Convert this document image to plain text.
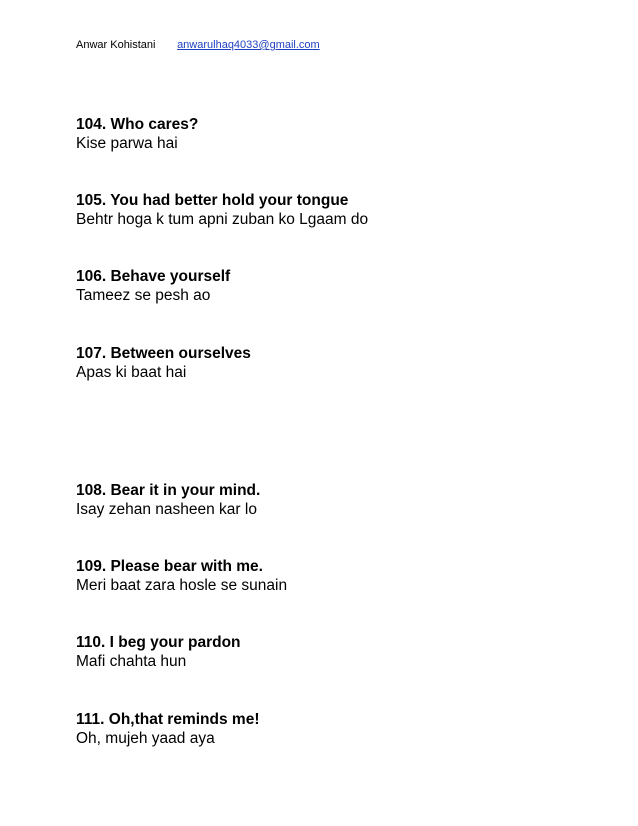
Anwar Kohistani anwarulhaq4033@gmail.com
104. Who cares?
Kise parwa hai
105. You had better hold your tongue
Behtr hoga k tum apni zuban ko Lgaam do
106. Behave yourself
Tameez se pesh ao
107. Between ourselves
Apas ki baat hai
108. Bear it in your mind.
Isay zehan nasheen kar lo
109. Please bear with me.
Meri baat zara hosle se sunain
110. I beg your pardon
Mafi chahta hun
111. Oh,that reminds me!
Oh, mujeh yaad aya
